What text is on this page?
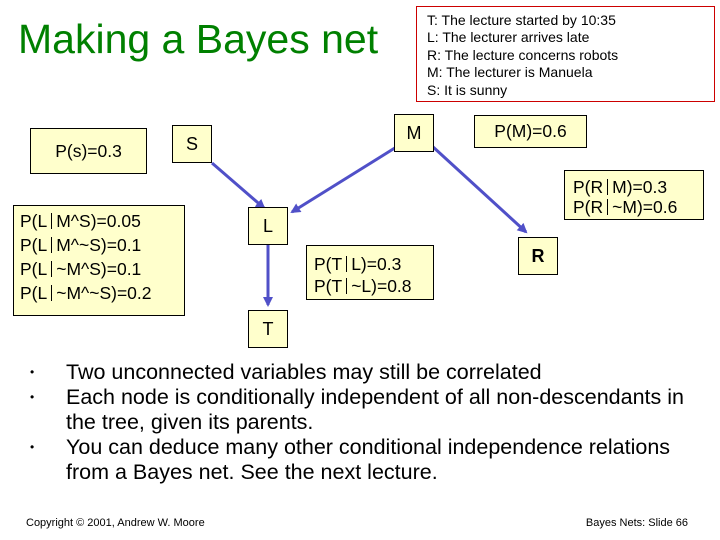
Making a Bayes net	T: The lecture started by 10:35
L: The lecturer arrives late
R: The lecture concerns robots
M: The lecturer is Manuela
S: It is sunny
P(s)=0.3
P(M)=0.6
P(R M)=0.3
P(R ~M)=0.6
P(L M^S)=0.05
P(L M^~S)=0.1
P(L ~M^S)=0.1
P(L ~M^~S)=0.2
P(T L)=0.3
P(T ~L)=0.8
S
M
L
R
T
•	Two unconnected variables may still be correlated
•	Each node is conditionally independent of all non-descendants in the tree, given its parents.
•	You can deduce many other conditional independence relations from a Bayes net. See the next lecture.
Copyright © 2001, Andrew W. Moore	Bayes Nets: Slide 66
